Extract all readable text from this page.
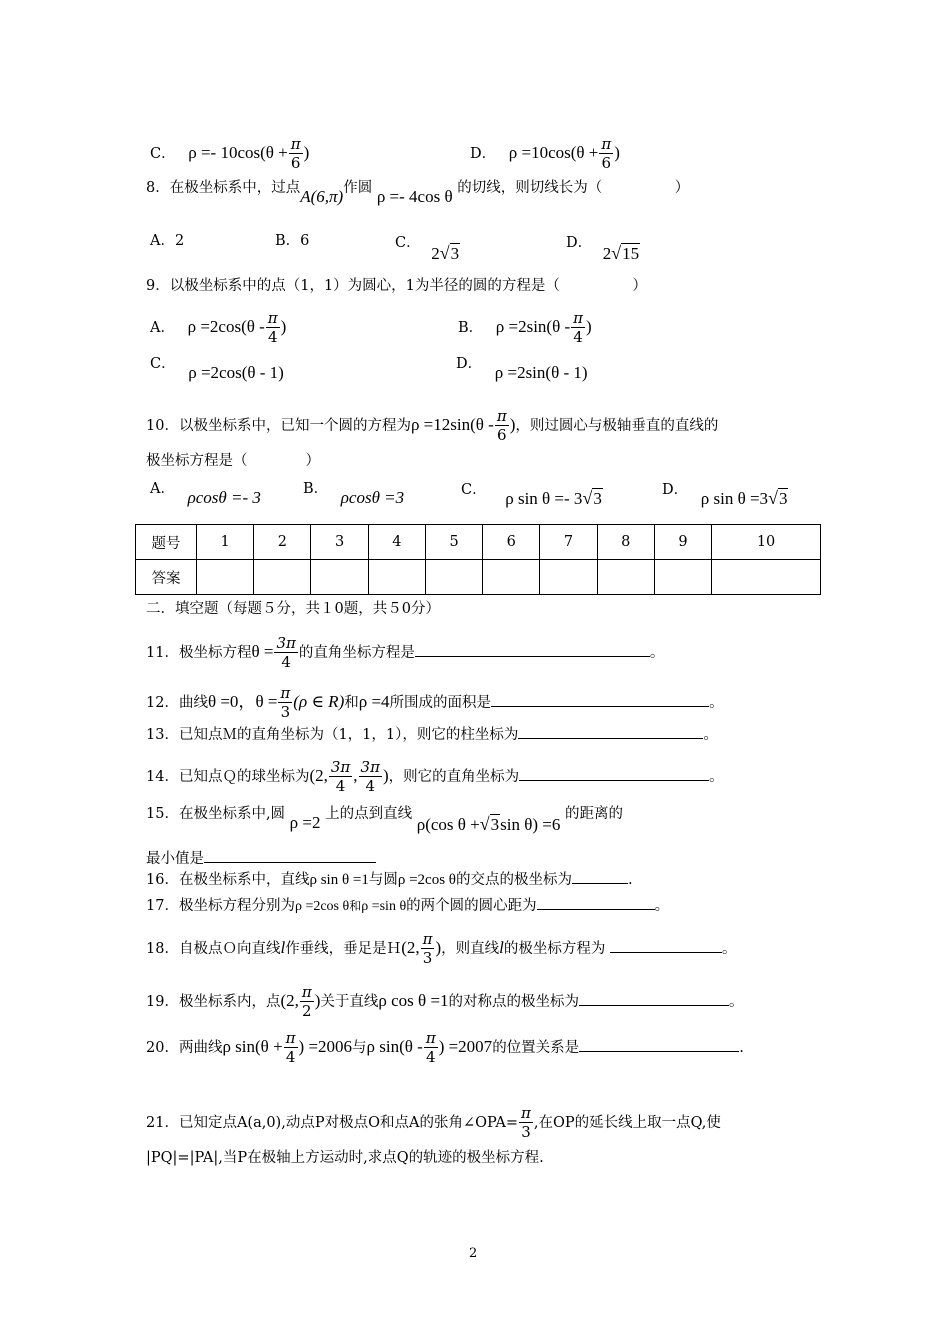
C． $\rho =- 10\cos(\theta + \frac{\pi}{6}$ )	D． $\rho =10\cos(\theta + \frac{\pi}{6}$ )
8．在极坐标系中，过点A(6,π)作圆 ρ =- 4cos θ 的切线，则切线长为（　　　　　）
A．2	B．6	C． 2√3
D． 2√15
9．以极坐标系中的点（1，1）为圆心，1为半径的圆的方程是（　　　　　）
A． $\rho =2\cos(\theta - \frac{\pi}{4}$ )	B． $\rho =2\sin(\theta - \frac{\pi}{4}$ )
C． ρ =2cos(θ - 1)	D． ρ =2sin(θ - 1)
10．以极坐标系中，已知一个圆的方程为$\rho =12\sin(\theta - \frac{\pi}{6}$ )，则过圆心与极轴垂直的直线的
极坐标方程是（　　　　）
A． ρcosθ =- 3	B． ρcosθ =3	C． ρ sin θ =- 3√3	D． ρ sin θ =3√3
题号	1	2	3	4	5	6	7	8	9	10
答案										
二．填空题（每题５分，共１0题，共５0分）
11．极坐标方程$\theta = \frac{3\pi}{4}$ 的直角坐标方程是	。
12．曲线θ =0，$\theta = \frac{\pi}{3} (\rho$ ∈ R)和ρ =4所围成的面积是	。
13．已知点Ｍ的直角坐标为（1，1，1），则它的柱坐标为	。
14．已知点Ｑ的球坐标为(2, $\frac{3\pi}{4}$ , $\frac{3\pi}{4}$ )，则它的直角坐标为	。
15．在极坐标系中,圆 ρ =2 上的点到直线 ρ(cos θ +√3sin θ) =6 的距离的
最小值是
16．在极坐标系中，直线ρ sin θ =1与圆ρ =2cos θ的交点的极坐标为	.
17．极坐标方程分别为ρ =2cos θ和ρ =sin θ的两个圆的圆心距为	。
18．自极点Ｏ向直线l作垂线，垂足是Ｈ(2, $\frac{\pi}{3}$ )，则直线l的极坐标方程为	。
19．极坐标系内，点(2, $\frac{\pi}{2}$ )关于直线ρ cos θ =1的对称点的极坐标为	。
20．两曲线ρ $\sin(\theta + \frac{\pi}{4}$ ) =2006与ρ $\sin(\theta - \frac{\pi}{4}$ ) =2007的位置关系是	.
21．已知定点A(a,0),动点P对极点O和点A的张角∠OPA= $\frac{\pi}{3}$ ,在OP的延长线上取一点Q,使
|PQ|=|PA|,当P在极轴上方运动时,求点Q的轨迹的极坐标方程.
2
